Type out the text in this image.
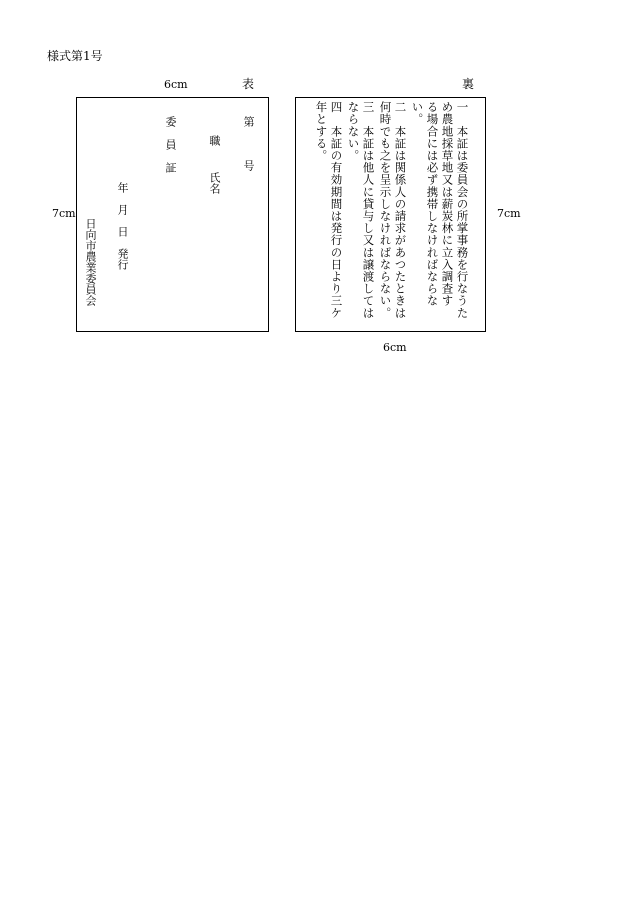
様式第1号
6cm	表
7cm
第　　　号
職
氏名
委員証
年　月　日　発行
日向市農業委員会
裏
7cm
6cm
一　本証は委員会の所掌事務を行なうた
め農地採草地又は薪炭林に立入調査す
る場合には必ず携帯しなければならな
い。
二　本証は関係人の請求があつたときは
何時でも之を呈示しなければならない。
三　本証は他人に貸与し又は譲渡しては
ならない。
四　本証の有効期間は発行の日より三ケ
年とする。
